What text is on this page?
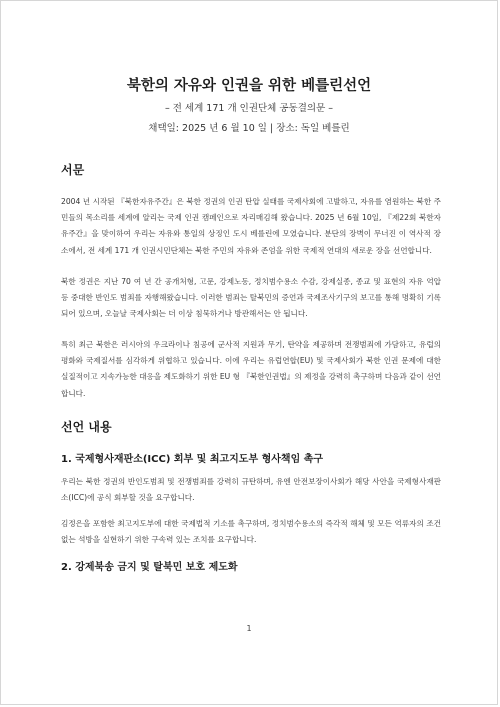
북한의 자유와 인권을 위한 베를린선언
– 전 세계 171 개 인권단체 공동결의문 –
채택일: 2025 년 6 월 10 일 | 장소: 독일 베를린
서문
2004 년 시작된 『북한자유주간』은 북한 정권의 인권 탄압 실태를 국제사회에 고발하고, 자유를 염원하는 북한 주민들의 목소리를 세계에 알리는 국제 인권 캠페인으로 자리매김해 왔습니다. 2025 년 6월 10일, 『제22회 북한자유주간』을 맞이하여 우리는 자유와 통일의 상징인 도시 베를린에 모였습니다. 분단의 장벽이 무너진 이 역사적 장소에서, 전 세계 171 개 인권시민단체는 북한 주민의 자유와 존엄을 위한 국제적 연대의 새로운 장을 선언합니다.
북한 정권은 지난 70 여 년 간 공개처형, 고문, 강제노동, 정치범수용소 수감, 강제실종, 종교 및 표현의 자유 억압 등 중대한 반인도 범죄를 자행해왔습니다. 이러한 범죄는 탈북민의 증언과 국제조사기구의 보고를 통해 명확히 기록되어 있으며, 오늘날 국제사회는 더 이상 침묵하거나 방관해서는 안 됩니다.
특히 최근 북한은 러시아의 우크라이나 침공에 군사적 지원과 무기, 탄약을 제공하며 전쟁범죄에 가담하고, 유럽의 평화와 국제질서를 심각하게 위협하고 있습니다. 이에 우리는 유럽연합(EU) 및 국제사회가 북한 인권 문제에 대한 실질적이고 지속가능한 대응을 제도화하기 위한 EU 형 『북한인권법』의 제정을 강력히 촉구하며 다음과 같이 선언합니다.
선언 내용
1. 국제형사재판소(ICC) 회부 및 최고지도부 형사책임 촉구
우리는 북한 정권의 반인도범죄 및 전쟁범죄를 강력히 규탄하며, 유엔 안전보장이사회가 해당 사안을 국제형사재판소(ICC)에 공식 회부할 것을 요구합니다.
김정은을 포함한 최고지도부에 대한 국제법적 기소를 촉구하며, 정치범수용소의 즉각적 해체 및 모든 억류자의 조건 없는 석방을 실현하기 위한 구속력 있는 조치를 요구합니다.
2. 강제북송 금지 및 탈북민 보호 제도화
1
